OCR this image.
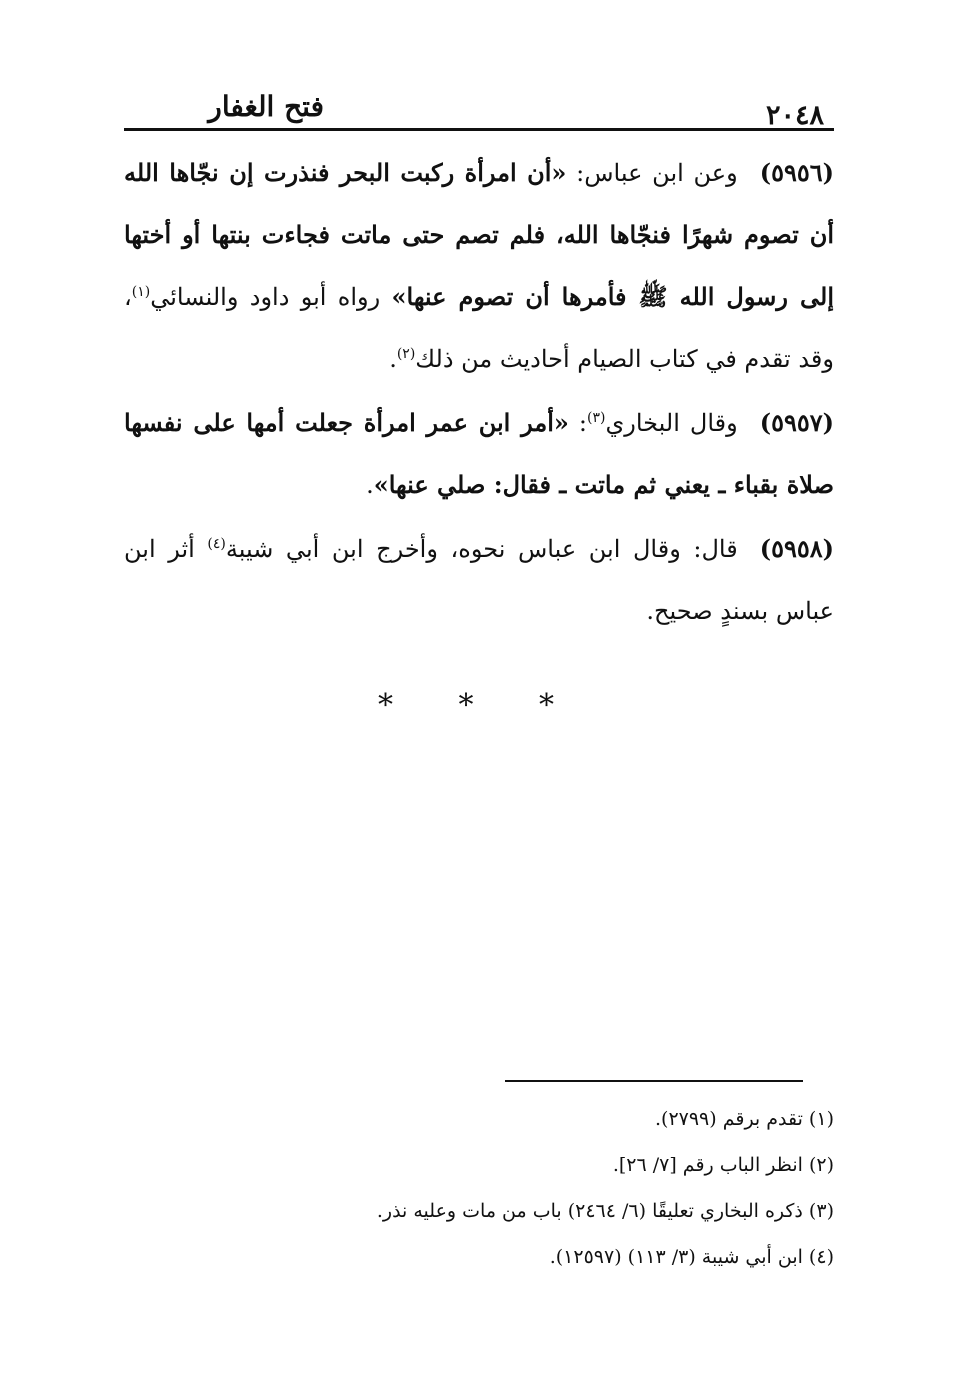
٢٠٤٨
فتح الغفار

(٥٩٥٦)وعن ابن عباس: «أن امرأة ركبت البحر فنذرت إن نجّاها الله أن تصوم شهرًا فنجّاها الله، فلم تصم حتى ماتت فجاءت بنتها أو أختها إلى رسول الله ﷺ فأمرها أن تصوم عنها» رواه أبو داود والنسائي$^{(١)}$، وقد تقدم في كتاب الصيام أحاديث من ذلك$^{(٢)}$.

(٥٩٥٧)وقال البخاري$^{(٣)}$: «أمر ابن عمر امرأة جعلت أمها على نفسها صلاة بقباء ـ يعني ثم ماتت ـ فقال: صلي عنها».

(٥٩٥٨)قال: وقال ابن عباس نحوه، وأخرج ابن أبي شيبة$^{(٤)}$ أثر ابن عباس بسندٍ صحيح.

* * *

(١) تقدم برقم (٢٧٩٩).

(٢) انظر الباب رقم [٧/ ٢٦].

(٣) ذكره البخاري تعليقًا (٦/ ٢٤٦٤) باب من مات وعليه نذر.

(٤) ابن أبي شيبة (٣/ ١١٣) (١٢٥٩٧).
